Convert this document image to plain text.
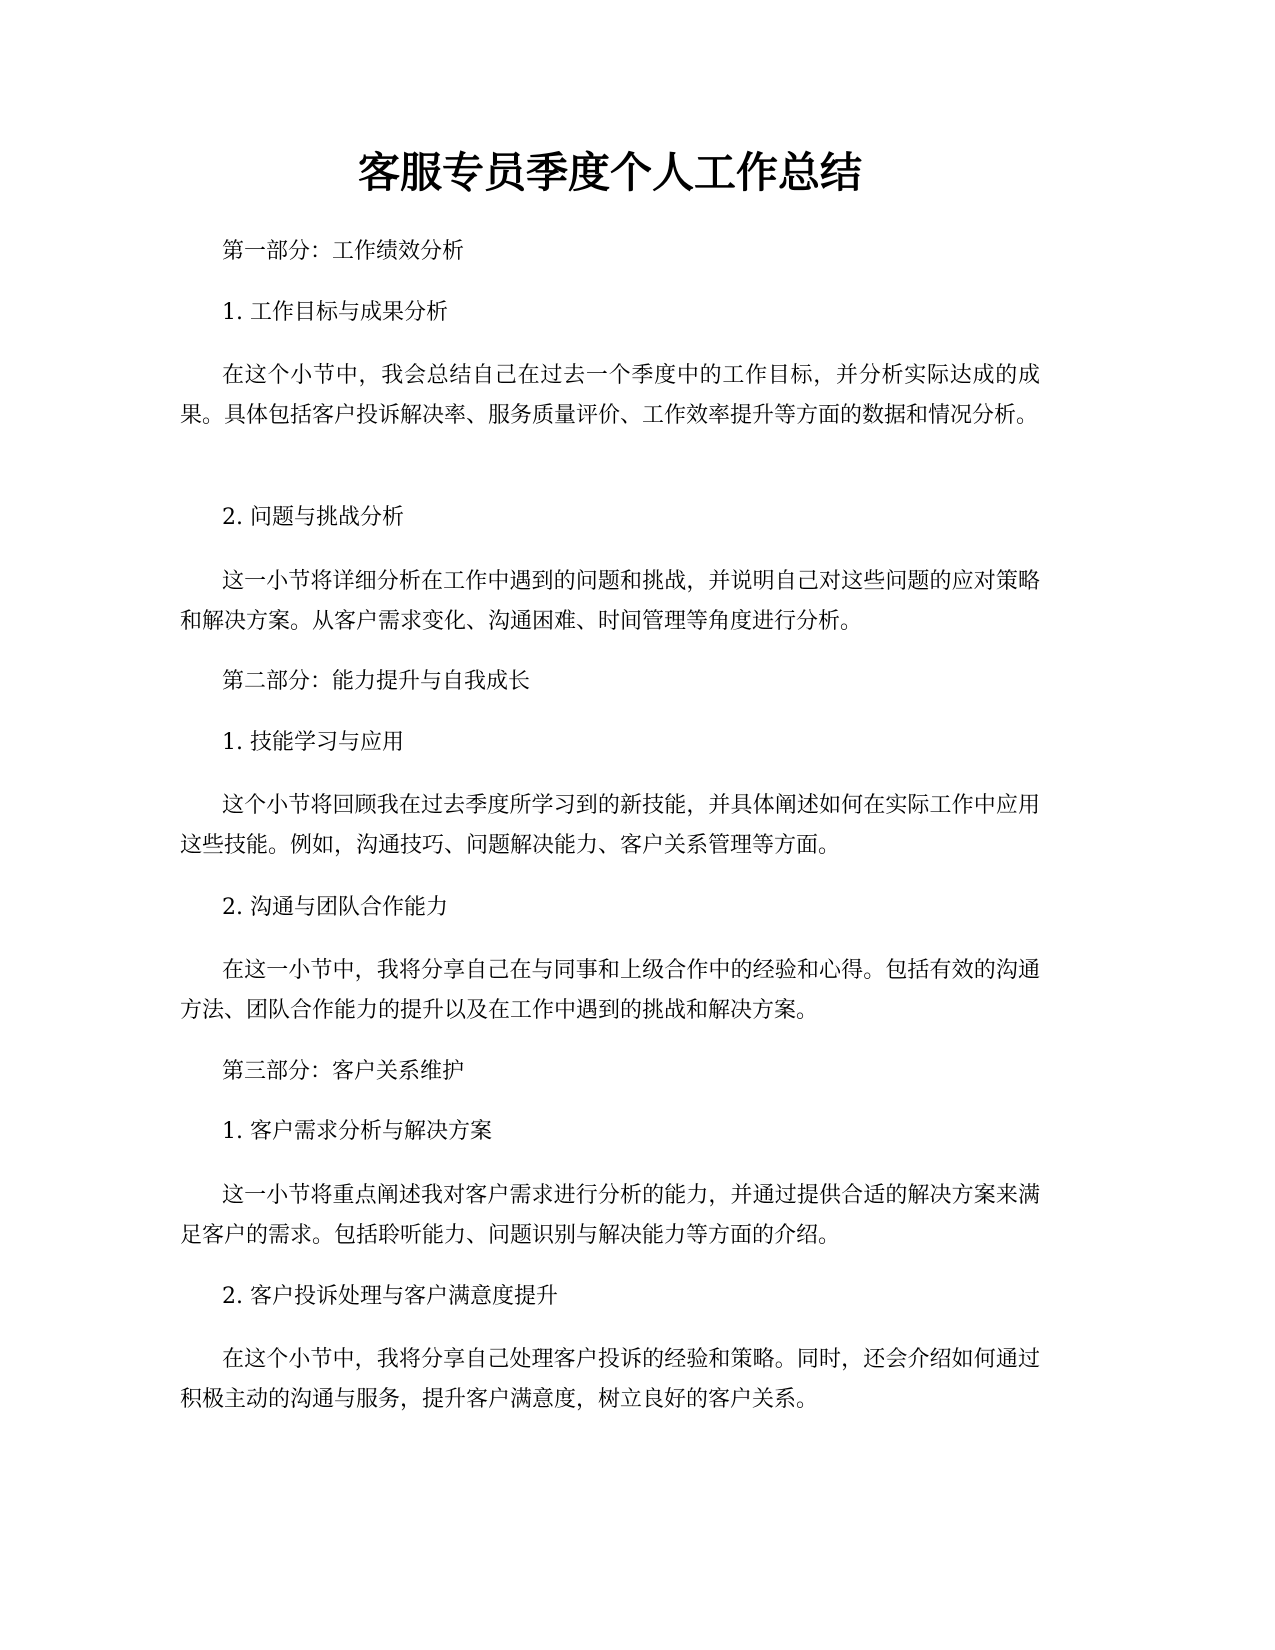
客服专员季度个人工作总结

第一部分：工作绩效分析

1. 工作目标与成果分析

在这个小节中，我会总结自己在过去一个季度中的工作目标，并分析实际达成的成果。具体包括客户投诉解决率、服务质量评价、工作效率提升等方面的数据和情况分析。

2. 问题与挑战分析

这一小节将详细分析在工作中遇到的问题和挑战，并说明自己对这些问题的应对策略和解决方案。从客户需求变化、沟通困难、时间管理等角度进行分析。

第二部分：能力提升与自我成长

1. 技能学习与应用

这个小节将回顾我在过去季度所学习到的新技能，并具体阐述如何在实际工作中应用这些技能。例如，沟通技巧、问题解决能力、客户关系管理等方面。

2. 沟通与团队合作能力

在这一小节中，我将分享自己在与同事和上级合作中的经验和心得。包括有效的沟通方法、团队合作能力的提升以及在工作中遇到的挑战和解决方案。

第三部分：客户关系维护

1. 客户需求分析与解决方案

这一小节将重点阐述我对客户需求进行分析的能力，并通过提供合适的解决方案来满足客户的需求。包括聆听能力、问题识别与解决能力等方面的介绍。

2. 客户投诉处理与客户满意度提升

在这个小节中，我将分享自己处理客户投诉的经验和策略。同时，还会介绍如何通过积极主动的沟通与服务，提升客户满意度，树立良好的客户关系。
